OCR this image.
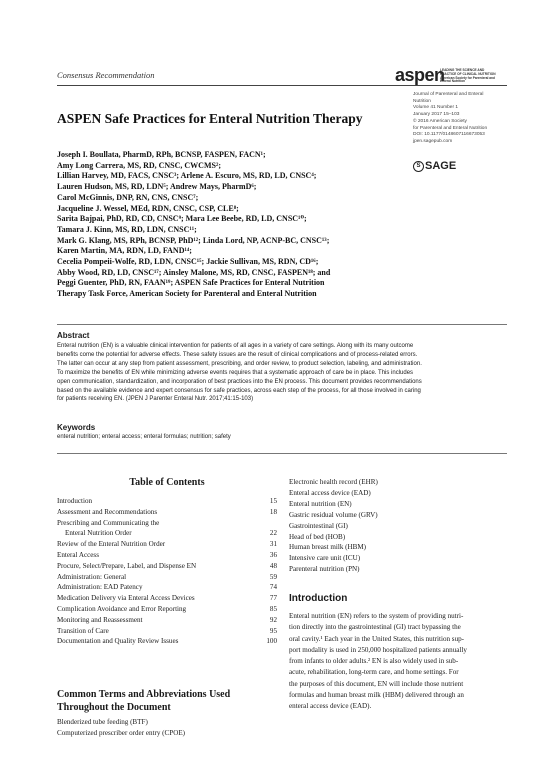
Consensus Recommendation	aspen
LEADING THE SCIENCE AND
PRACTICE OF CLINICAL NUTRITION
American Society for Parenteral and Enteral Nutrition
Journal of Parenteral and Enteral
Nutrition
Volume 41 Number 1
January 2017 15–103
© 2016 American Society
for Parenteral and Enteral Nutrition
DOI: 10.1177/0148607116673053
jpen.sagepub.com
S SAGE
ASPEN Safe Practices for Enteral Nutrition Therapy
Joseph I. Boullata, PharmD, RPh, BCNSP, FASPEN, FACN¹;
Amy Long Carrera, MS, RD, CNSC, CWCMS²;
Lillian Harvey, MD, FACS, CNSC³; Arlene A. Escuro, MS, RD, LD, CNSC⁴;
Lauren Hudson, MS, RD, LDN⁵; Andrew Mays, PharmD⁶;
Carol McGinnis, DNP, RN, CNS, CNSC⁷;
Jacqueline J. Wessel, MEd, RDN, CNSC, CSP, CLE⁸;
Sarita Bajpai, PhD, RD, CD, CNSC⁹; Mara Lee Beebe, RD, LD, CNSC¹⁰;
Tamara J. Kinn, MS, RD, LDN, CNSC¹¹;
Mark G. Klang, MS, RPh, BCNSP, PhD¹²; Linda Lord, NP, ACNP-BC, CNSC¹³;
Karen Martin, MA, RDN, LD, FAND¹⁴;
Cecelia Pompeii-Wolfe, RD, LDN, CNSC¹⁵; Jackie Sullivan, MS, RDN, CD¹⁶;
Abby Wood, RD, LD, CNSC¹⁷; Ainsley Malone, MS, RD, CNSC, FASPEN¹⁸; and
Peggi Guenter, PhD, RN, FAAN¹⁹; ASPEN Safe Practices for Enteral Nutrition
Therapy Task Force, American Society for Parenteral and Enteral Nutrition
Abstract
Enteral nutrition (EN) is a valuable clinical intervention for patients of all ages in a variety of care settings. Along with its many outcome
benefits come the potential for adverse effects. These safety issues are the result of clinical complications and of process-related errors.
The latter can occur at any step from patient assessment, prescribing, and order review, to product selection, labeling, and administration.
To maximize the benefits of EN while minimizing adverse events requires that a systematic approach of care be in place. This includes
open communication, standardization, and incorporation of best practices into the EN process. This document provides recommendations
based on the available evidence and expert consensus for safe practices, across each step of the process, for all those involved in caring
for patients receiving EN. (JPEN J Parenter Enteral Nutr. 2017;41:15-103)
Keywords
enteral nutrition; enteral access; enteral formulas; nutrition; safety
Table of Contents
Introduction	15
Assessment and Recommendations	18
Prescribing and Communicating the
Enteral Nutrition Order	22
Review of the Enteral Nutrition Order	31
Enteral Access	36
Procure, Select/Prepare, Label, and Dispense EN	48
Administration: General	59
Administration: EAD Patency	74
Medication Delivery via Enteral Access Devices	77
Complication Avoidance and Error Reporting	85
Monitoring and Reassessment	92
Transition of Care	95
Documentation and Quality Review Issues	100
Common Terms and Abbreviations Used
Throughout the Document
Blenderized tube feeding (BTF)
Computerized prescriber order entry (CPOE)
Electronic health record (EHR)
Enteral access device (EAD)
Enteral nutrition (EN)
Gastric residual volume (GRV)
Gastrointestinal (GI)
Head of bed (HOB)
Human breast milk (HBM)
Intensive care unit (ICU)
Parenteral nutrition (PN)
Introduction
Enteral nutrition (EN) refers to the system of providing nutri-
tion directly into the gastrointestinal (GI) tract bypassing the
oral cavity.¹ Each year in the United States, this nutrition sup-
port modality is used in 250,000 hospitalized patients annually
from infants to older adults.² EN is also widely used in sub-
acute, rehabilitation, long-term care, and home settings. For
the purposes of this document, EN will include those nutrient
formulas and human breast milk (HBM) delivered through an
enteral access device (EAD).
